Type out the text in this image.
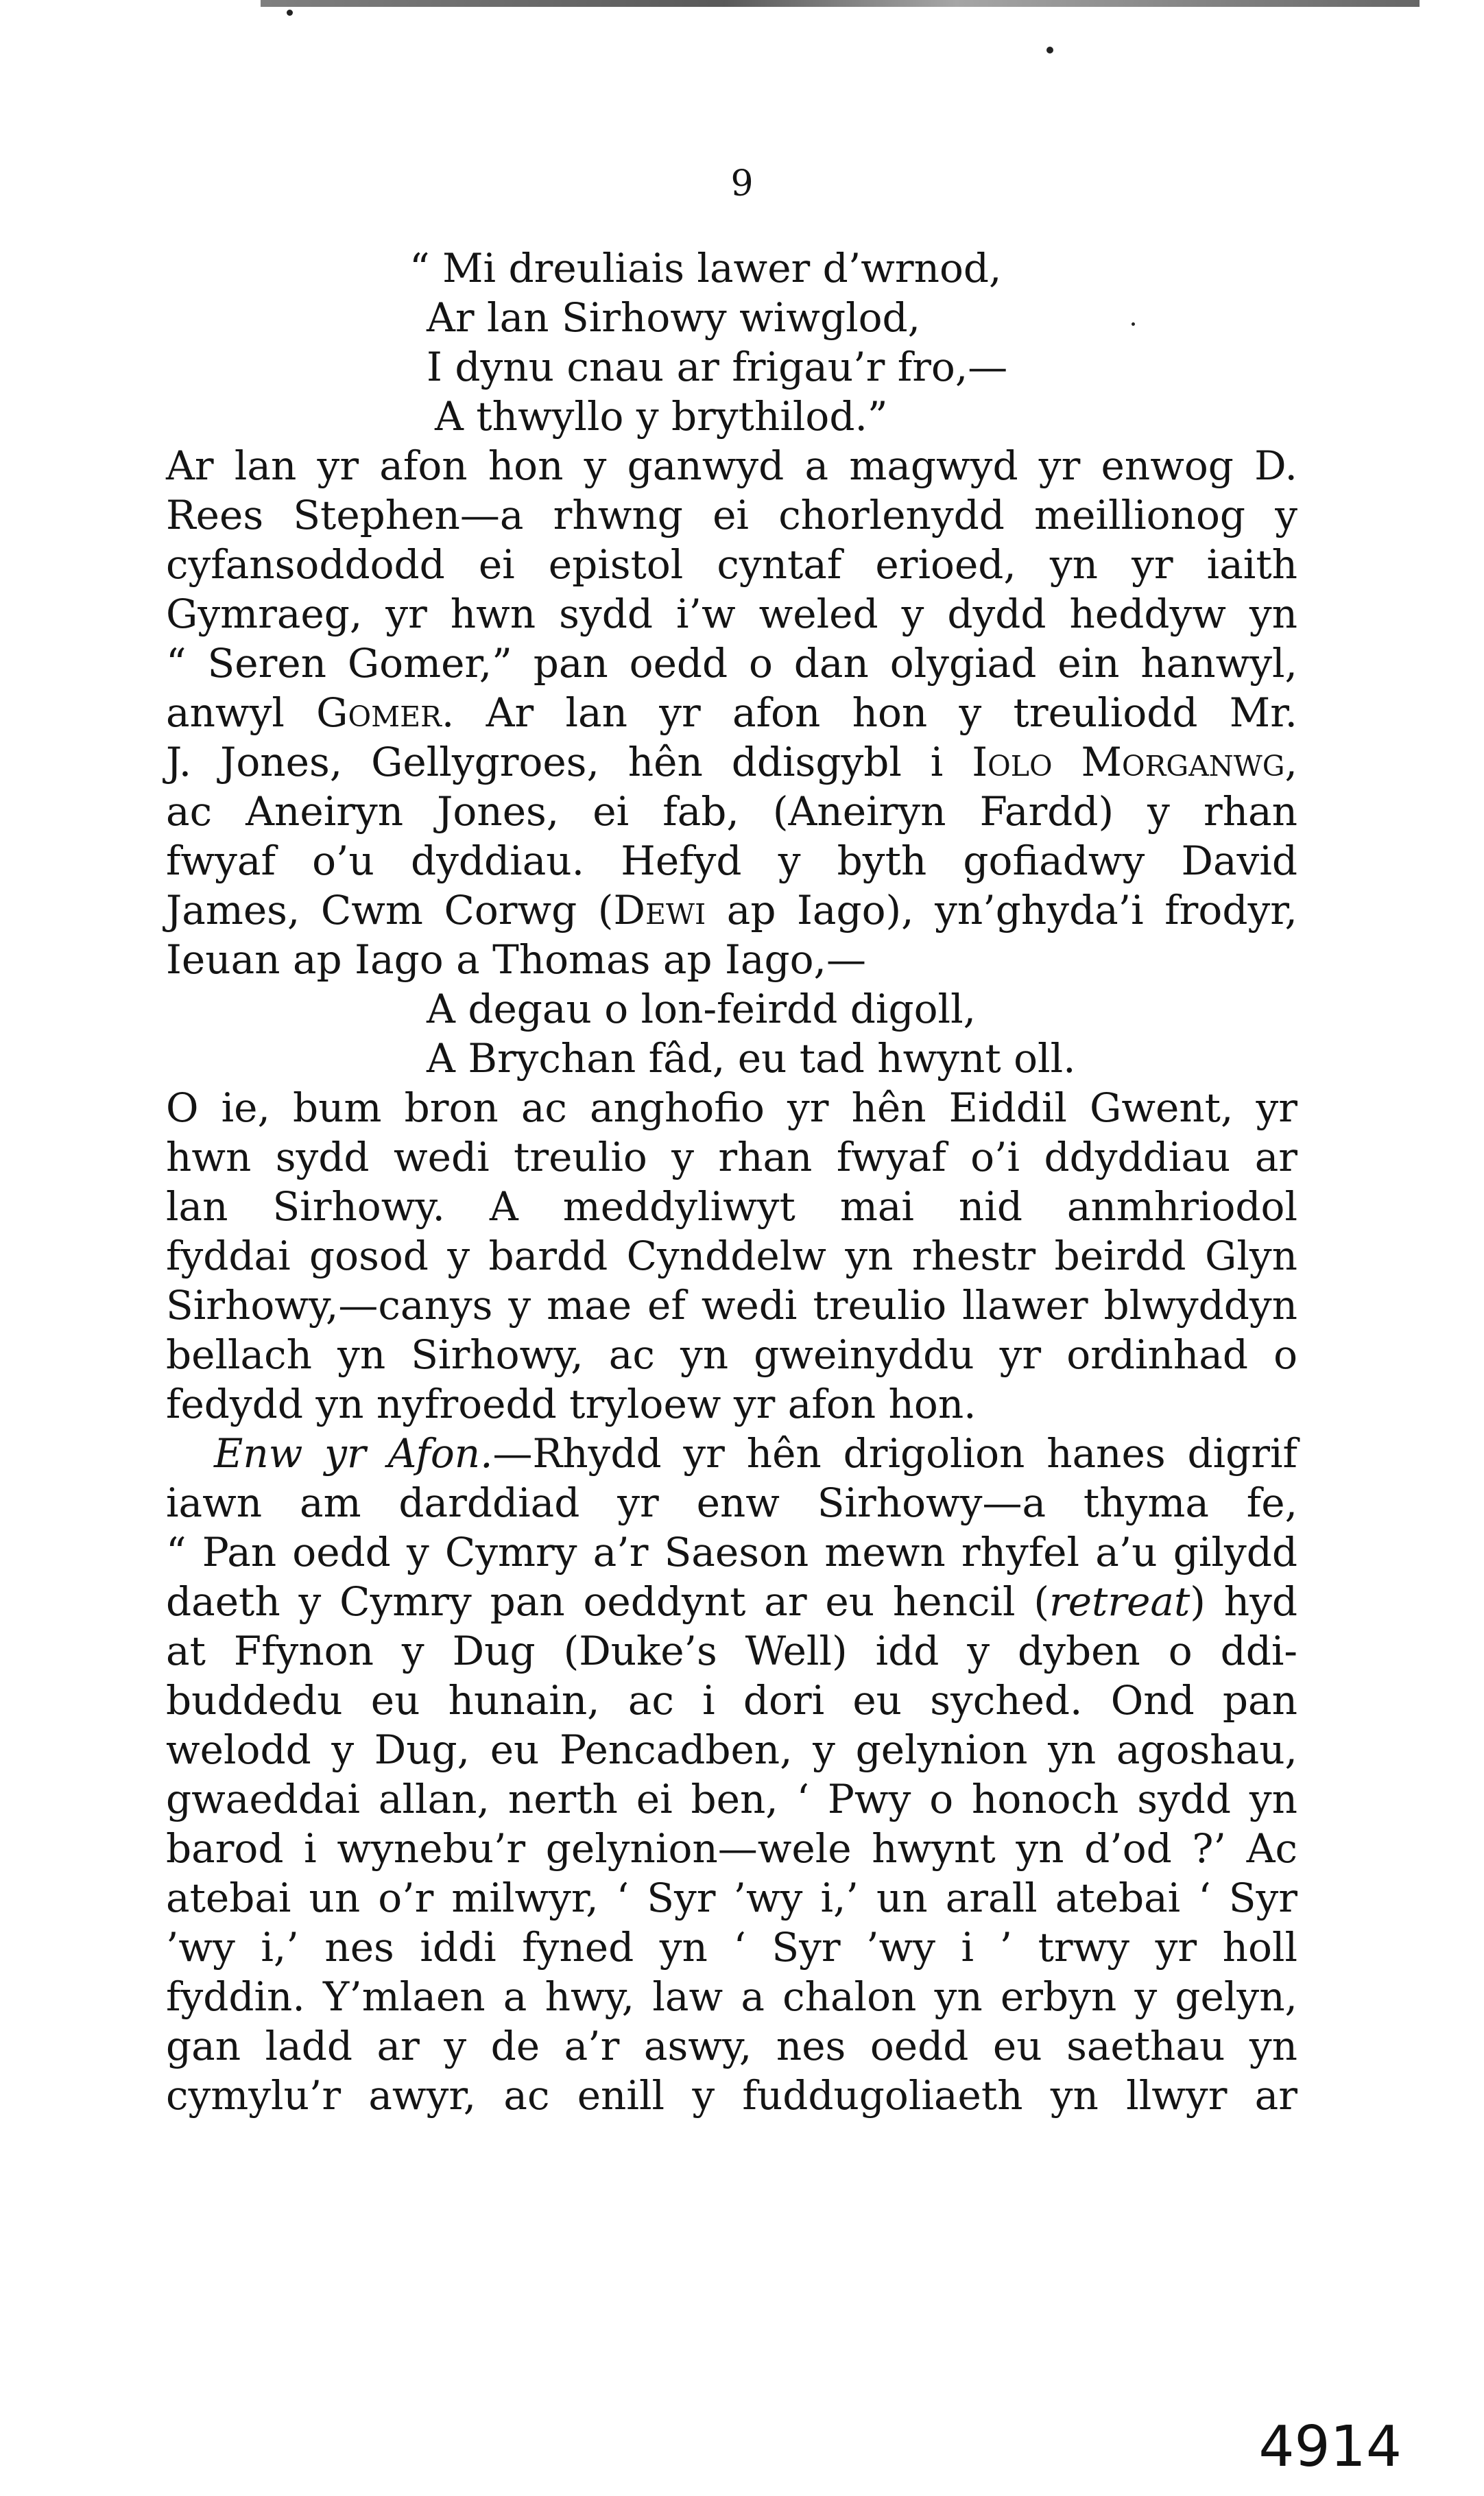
9
“ Mi dreuliais lawer d’wrnod,
Ar lan Sirhowy wiwglod,
I dynu cnau ar frigau’r fro,—
A thwyllo y brythilod.”
Ar lan yr afon hon y ganwyd a magwyd yr enwog D.
Rees Stephen—a rhwng ei chorlenydd meillionog y
cyfansoddodd ei epistol cyntaf erioed, yn yr iaith
Gymraeg, yr hwn sydd i’w weled y dydd heddyw yn
“ Seren Gomer,” pan oedd o dan olygiad ein hanwyl,
anwyl Gomer. Ar lan yr afon hon y treuliodd Mr.
J. Jones, Gellygroes, hên ddisgybl i Iolo Morganwg,
ac Aneiryn Jones, ei fab, (Aneiryn Fardd) y rhan
fwyaf o’u dyddiau. Hefyd y byth gofiadwy David
James, Cwm Corwg (Dewi ap Iago), yn’ghyda’i frodyr,
Ieuan ap Iago a Thomas ap Iago,—
A degau o lon-feirdd digoll,
A Brychan fâd, eu tad hwynt oll.
O ie, bum bron ac anghofio yr hên Eiddil Gwent, yr
hwn sydd wedi treulio y rhan fwyaf o’i ddyddiau ar
lan Sirhowy. A meddyliwyt mai nid anmhriodol
fyddai gosod y bardd Cynddelw yn rhestr beirdd Glyn
Sirhowy,—canys y mae ef wedi treulio llawer blwyddyn
bellach yn Sirhowy, ac yn gweinyddu yr ordinhad o
fedydd yn nyfroedd tryloew yr afon hon.
Enw yr Afon.—Rhydd yr hên drigolion hanes digrif
iawn am darddiad yr enw Sirhowy—a thyma fe,
“ Pan oedd y Cymry a’r Saeson mewn rhyfel a’u gilydd
daeth y Cymry pan oeddynt ar eu hencil (retreat) hyd
at Ffynon y Dug (Duke’s Well) idd y dyben o ddi-
buddedu eu hunain, ac i dori eu syched. Ond pan
welodd y Dug, eu Pencadben, y gelynion yn agoshau,
gwaeddai allan, nerth ei ben, ‘ Pwy o honoch sydd yn
barod i wynebu’r gelynion—wele hwynt yn d’od ?’ Ac
atebai un o’r milwyr, ‘ Syr ’wy i,’ un arall atebai ‘ Syr
’wy i,’ nes iddi fyned yn ‘ Syr ’wy i ’ trwy yr holl
fyddin. Y’mlaen a hwy, law a chalon yn erbyn y gelyn,
gan ladd ar y de a’r aswy, nes oedd eu saethau yn
cymylu’r awyr, ac enill y fuddugoliaeth yn llwyr ar
4914
